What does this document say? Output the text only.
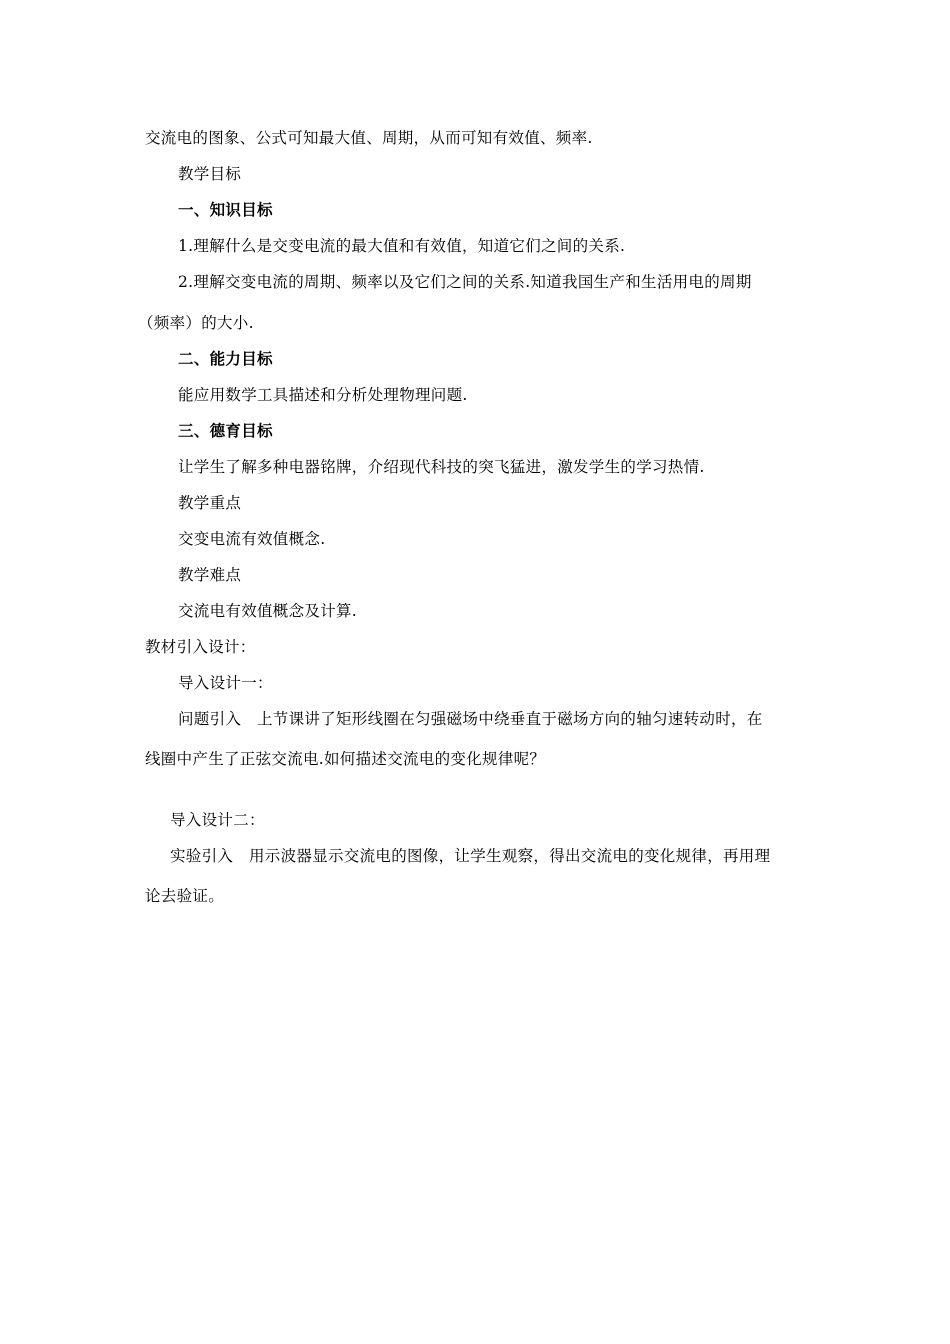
交流电的图象、公式可知最大值、周期，从而可知有效值、频率.
教学目标
一、知识目标
1.理解什么是交变电流的最大值和有效值，知道它们之间的关系.
2.理解交变电流的周期、频率以及它们之间的关系.知道我国生产和生活用电的周期
（频率）的大小.
二、能力目标
能应用数学工具描述和分析处理物理问题.
三、德育目标
让学生了解多种电器铭牌，介绍现代科技的突飞猛进，激发学生的学习热情.
教学重点
交变电流有效值概念.
教学难点
交流电有效值概念及计算.
教材引入设计：
导入设计一：
问题引入　上节课讲了矩形线圈在匀强磁场中绕垂直于磁场方向的轴匀速转动时，在
线圈中产生了正弦交流电.如何描述交流电的变化规律呢？
导入设计二：
实验引入　用示波器显示交流电的图像，让学生观察，得出交流电的变化规律，再用理
论去验证。
